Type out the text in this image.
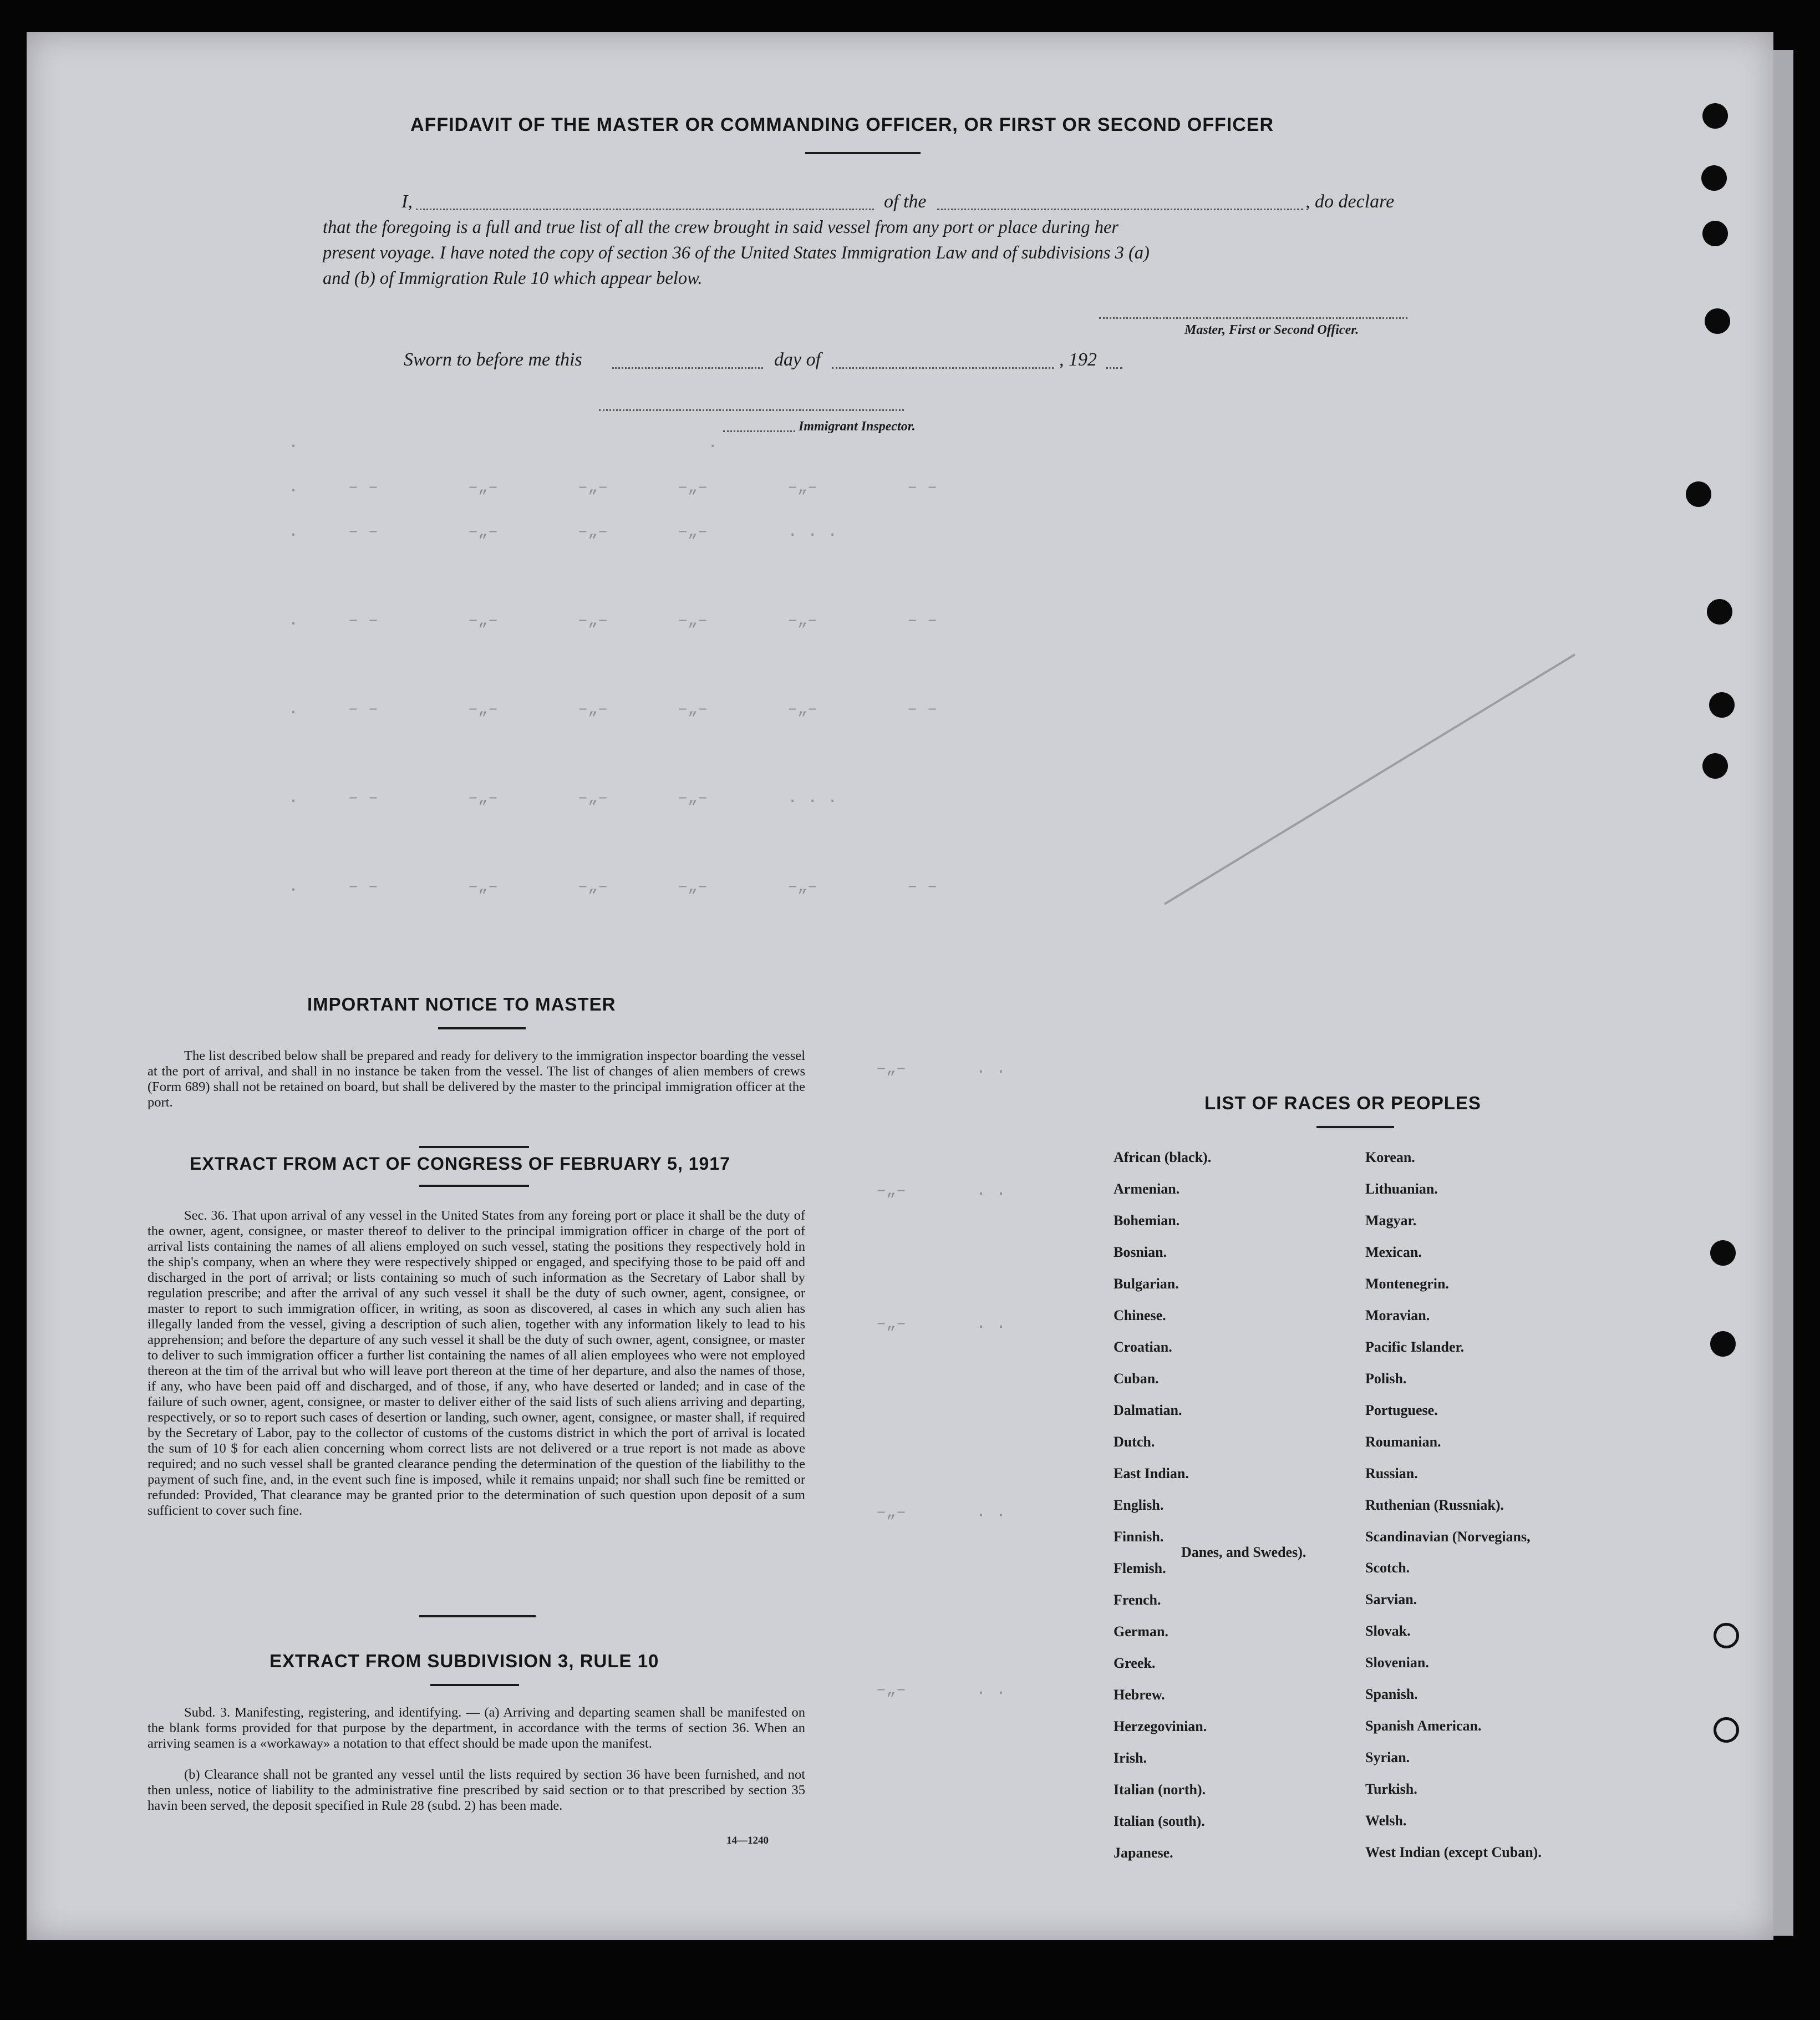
.                                         .
.     – –         –„–        –„–       –„–        –„–         – –
.     – –         –„–        –„–       –„–        . . .
.     – –         –„–        –„–       –„–        –„–         – –
.     – –         –„–        –„–       –„–        –„–         – –
.     – –         –„–        –„–       –„–        . . .
.     – –         –„–        –„–       –„–        –„–         – –
–„–       . .
–„–       . .
–„–       . .
–„–       . .
–„–       . .
AFFIDAVIT OF THE MASTER OR COMMANDING OFFICER, OR FIRST OR SECOND OFFICER
I,	of the	, do declare
that the foregoing is a full and true list of all the crew brought in said vessel from any port or place during her
present voyage. I have noted the copy of section 36 of the United States Immigration Law and of subdivisions 3 (a)
and (b) of Immigration Rule 10 which appear below.
Master, First or Second Officer.
Sworn to before me this	day of	, 192
Immigrant Inspector.
IMPORTANT NOTICE TO MASTER
The list described below shall be prepared and ready for delivery to the immigration inspector boarding the vessel at the port of arrival, and shall in no instance be taken from the vessel. The list of changes of alien members of crews (Form 689) shall not be retained on board, but shall be delivered by the master to the principal immigration officer at the port.
EXTRACT FROM ACT OF CONGRESS OF FEBRUARY 5, 1917
Sec. 36. That upon arrival of any vessel in the United States from any foreing port or place it shall be the duty of the owner, agent, consignee, or master thereof to deliver to the principal immigration officer in charge of the port of arrival lists containing the names of all aliens employed on such vessel, stating the positions they respectively hold in the ship's company, when an where they were respectively shipped or engaged, and specifying those to be paid off and discharged in the port of arrival; or lists containing so much of such information as the Secretary of Labor shall by regulation prescribe; and after the arrival of any such vessel it shall be the duty of such owner, agent, consignee, or master to report to such immigration officer, in writing, as soon as discovered, al cases in which any such alien has illegally landed from the vessel, giving a description of such alien, together with any information likely to lead to his apprehension; and before the departure of any such vessel it shall be the duty of such owner, agent, consignee, or master to deliver to such immigration officer a further list containing the names of all alien employees who were not employed thereon at the tim of the arrival but who will leave port thereon at the time of her departure, and also the names of those, if any, who have been paid off and discharged, and of those, if any, who have deserted or landed; and in case of the failure of such owner, agent, consignee, or master to deliver either of the said lists of such aliens arriving and departing, respectively, or so to report such cases of desertion or landing, such owner, agent, consignee, or master shall, if required by the Secretary of Labor, pay to the collector of customs of the customs district in which the port of arrival is located the sum of 10 $ for each alien concerning whom correct lists are not delivered or a true report is not made as above required; and no such vessel shall be granted clearance pending the determination of the question of the liabilithy to the payment of such fine, and, in the event such fine is imposed, while it remains unpaid; nor shall such fine be remitted or refunded: Provided, That clearance may be granted prior to the determination of such question upon deposit of a sum sufficient to cover such fine.
EXTRACT FROM SUBDIVISION 3, RULE 10
Subd. 3. Manifesting, registering, and identifying. — (a) Arriving and departing seamen shall be manifested on the blank forms provided for that purpose by the department, in accordance with the terms of section 36. When an arriving seamen is a «workaway» a notation to that effect should be made upon the manifest.
(b) Clearance shall not be granted any vessel until the lists required by section 36 have been furnished, and not then unless, notice of liability to the administrative fine prescribed by said section or to that prescribed by section 35 havin been served, the deposit specified in Rule 28 (subd. 2) has been made.
14—1240
LIST OF RACES OR PEOPLES
African (black).
Armenian.
Bohemian.
Bosnian.
Bulgarian.
Chinese.
Croatian.
Cuban.
Dalmatian.
Dutch.
East Indian.
English.
Finnish.
Flemish.
French.
German.
Greek.
Hebrew.
Herzegovinian.
Irish.
Italian (north).
Italian (south).
Japanese.
Korean.
Lithuanian.
Magyar.
Mexican.
Montenegrin.
Moravian.
Pacific Islander.
Polish.
Portuguese.
Roumanian.
Russian.
Ruthenian (Russniak).
Scandinavian (Norvegians,
Danes, and Swedes).
Scotch.
Sarvian.
Slovak.
Slovenian.
Spanish.
Spanish American.
Syrian.
Turkish.
Welsh.
West Indian (except Cuban).
